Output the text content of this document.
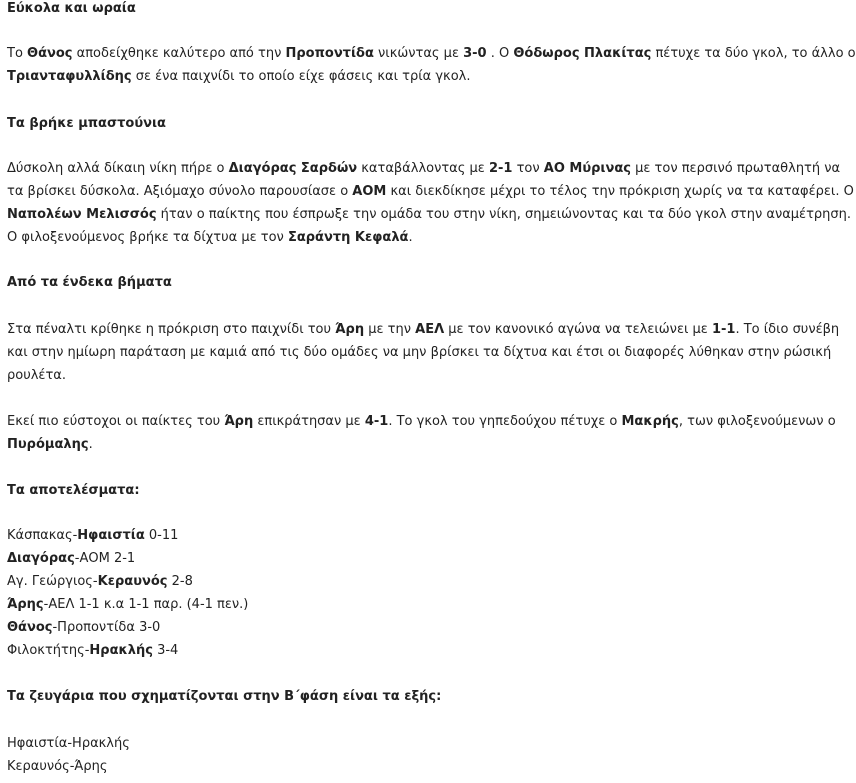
Εύκολα και ωραία
Το Θάνος αποδείχθηκε καλύτερο από την Προποντίδα νικώντας με 3-0 . Ο Θόδωρος Πλακίτας πέτυχε τα δύο γκολ, το άλλο ο
Τριανταφυλλίδης σε ένα παιχνίδι το οποίο είχε φάσεις και τρία γκολ.
Τα βρήκε μπαστούνια
Δύσκολη αλλά δίκαιη νίκη πήρε ο Διαγόρας Σαρδών καταβάλλοντας με 2-1 τον ΑΟ Μύρινας με τον περσινό πρωταθλητή να
τα βρίσκει δύσκολα. Αξιόμαχο σύνολο παρουσίασε ο ΑΟΜ και διεκδίκησε μέχρι το τέλος την πρόκριση χωρίς να τα καταφέρει. Ο
Ναπολέων Μελισσός ήταν ο παίκτης που έσπρωξε την ομάδα του στην νίκη, σημειώνοντας και τα δύο γκολ στην αναμέτρηση.
Ο φιλοξενούμενος βρήκε τα δίχτυα με τον Σαράντη Κεφαλά.
Από τα ένδεκα βήματα
Στα πέναλτι κρίθηκε η πρόκριση στο παιχνίδι του Άρη με την ΑΕΛ με τον κανονικό αγώνα να τελειώνει με 1-1. Το ίδιο συνέβη
και στην ημίωρη παράταση με καμιά από τις δύο ομάδες να μην βρίσκει τα δίχτυα και έτσι οι διαφορές λύθηκαν στην ρώσική
ρουλέτα.
Εκεί πιο εύστοχοι οι παίκτες του Άρη επικράτησαν με 4-1. Το γκολ του γηπεδούχου πέτυχε ο Μακρής, των φιλοξενούμενων ο
Πυρόμαλης.
Τα αποτελέσματα:
Κάσπακας-Ηφαιστία 0-11
Διαγόρας-ΑΟΜ 2-1
Αγ. Γεώργιος-Κεραυνός 2-8
Άρης-ΑΕΛ 1-1 κ.α 1-1 παρ. (4-1 πεν.)
Θάνος-Προποντίδα 3-0
Φιλοκτήτης-Ηρακλής 3-4
Τα ζευγάρια που σχηματίζονται στην Β΄φάση είναι τα εξής:
Ηφαιστία-Ηρακλής
Κεραυνός-Άρης
